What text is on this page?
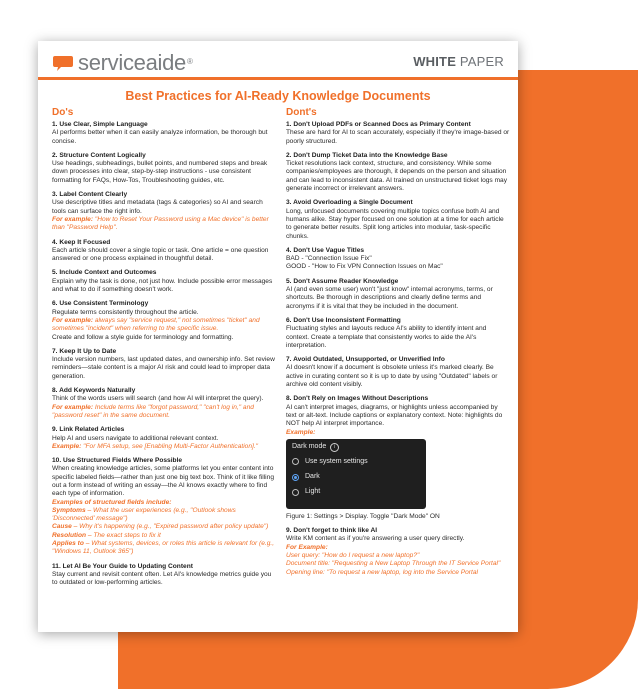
serviceaide ®	WHITE PAPER
Best Practices for AI-Ready Knowledge Documents
Do's
1. Use Clear, Simple Language
AI performs better when it can easily analyze information, be thorough but concise.
2. Structure Content Logically
Use headings, subheadings, bullet points, and numbered steps and break down processes into clear, step-by-step instructions - use consistent formatting for FAQs, How-Tos, Troubleshooting guides, etc.
3. Label Content Clearly
Use descriptive titles and metadata (tags & categories) so AI and search tools can surface the right info.
For example: "How to Reset Your Password using a Mac device" is better than "Password Help".
4. Keep It Focused
Each article should cover a single topic or task. One article = one question answered or one process explained in thoughtful detail.
5. Include Context and Outcomes
Explain why the task is done, not just how. Include possible error messages and what to do if something doesn't work.
6. Use Consistent Terminology
Regulate terms consistently throughout the article.
For example: always say "service request," not sometimes "ticket" and sometimes "incident" when referring to the specific issue.
Create and follow a style guide for terminology and formatting.
7. Keep It Up to Date
Include version numbers, last updated dates, and ownership info. Set review reminders—stale content is a major AI risk and could lead to improper data generation.
8. Add Keywords Naturally
Think of the words users will search (and how AI will interpret the query).
For example: Include terms like "forgot password," "can't log in," and "password reset" in the same document.
9. Link Related Articles
Help AI and users navigate to additional relevant context.
Example: "For MFA setup, see [Enabling Multi-Factor Authentication]."
10. Use Structured Fields Where Possible
When creating knowledge articles, some platforms let you enter content into specific labeled fields—rather than just one big text box. Think of it like filling out a form instead of writing an essay—the AI knows exactly where to find each type of information.
Examples of structured fields include:
Symptoms – What the user experiences (e.g., "Outlook shows 'Disconnected' message")
Cause – Why it's happening (e.g., "Expired password after policy update")
Resolution – The exact steps to fix it
Applies to – What systems, devices, or roles this article is relevant for (e.g., "Windows 11, Outlook 365")
11. Let AI Be Your Guide to Updating Content
Stay current and revisit content often. Let AI's knowledge metrics guide you to outdated or low-performing articles.
Dont's
1. Don't Upload PDFs or Scanned Docs as Primary Content
These are hard for AI to scan accurately, especially if they're image-based or poorly structured.
2. Don't Dump Ticket Data into the Knowledge Base
Ticket resolutions lack context, structure, and consistency. While some companies/employees are thorough, it depends on the person and situation and can lead to inconsistent data. AI trained on unstructured ticket logs may generate incorrect or irrelevant answers.
3. Avoid Overloading a Single Document
Long, unfocused documents covering multiple topics confuse both AI and humans alike. Stay hyper focused on one solution at a time for each article to generate better results. Split long articles into modular, task-specific chunks.
4. Don't Use Vague Titles
BAD - "Connection Issue Fix"
GOOD - "How to Fix VPN Connection Issues on Mac"
5. Don't Assume Reader Knowledge
AI (and even some user) won't "just know" internal acronyms, terms, or shortcuts. Be thorough in descriptions and clearly define terms and acronyms if it is vital that they be included in the document.
6. Don't Use Inconsistent Formatting
Fluctuating styles and layouts reduce AI's ability to identify intent and context. Create a template that consistently works to aide the AI's interpretation.
7. Avoid Outdated, Unsupported, or Unverified Info
AI doesn't know if a document is obsolete unless it's marked clearly. Be active in curating content so it is up to date by using "Outdated" labels or archive old content visibly.
8. Don't Rely on Images Without Descriptions
AI can't interpret images, diagrams, or highlights unless accompanied by text or alt-text. Include captions or explanatory context. Note: highlights do NOT help AI interpret importance.
Example:
Dark mode	i
Use system settings
Dark
Light
Figure 1: Settings > Display. Toggle "Dark Mode" ON
9. Don't forget to think like AI
Write KM content as if you're answering a user query directly.
For Example:
User query: "How do I request a new laptop?"
Document title: "Requesting a New Laptop Through the IT Service Portal"
Opening line: "To request a new laptop, log into the Service Portal
